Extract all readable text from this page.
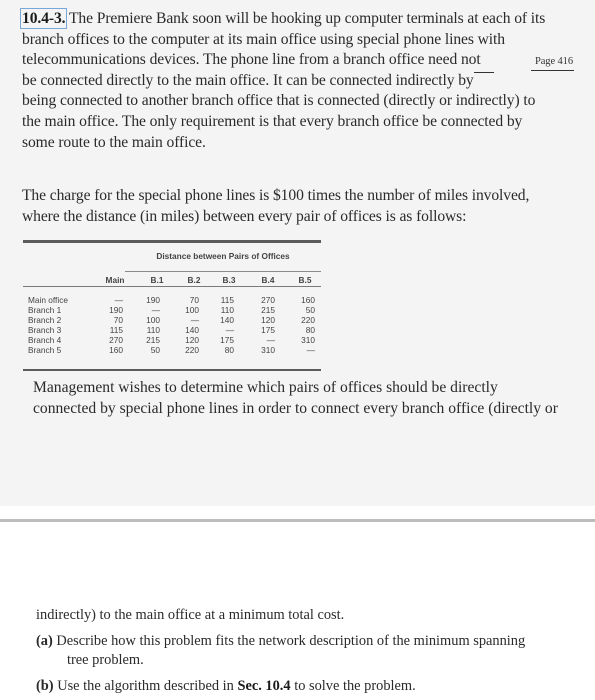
10.4-3. The Premiere Bank soon will be hooking up computer terminals at each of its
branch offices to the computer at its main office using special phone lines with
telecommunications devices. The phone line from a branch office need not	Page 416
be connected directly to the main office. It can be connected indirectly by
being connected to another branch office that is connected (directly or indirectly) to
the main office. The only requirement is that every branch office be connected by
some route to the main office.
The charge for the special phone lines is $100 times the number of miles involved,
where the distance (in miles) between every pair of offices is as follows:
Distance between Pairs of Offices
Main	B.1	B.2	B.3	B.4	B.5
Main office	—	190	70	115	270	160
Branch 1	190	—	100	110	215	50
Branch 2	70	100	—	140	120	220
Branch 3	115	110	140	—	175	80
Branch 4	270	215	120	175	—	310
Branch 5	160	50	220	80	310	—
Management wishes to determine which pairs of offices should be directly
connected by special phone lines in order to connect every branch office (directly or
indirectly) to the main office at a minimum total cost.
(a) Describe how this problem fits the network description of the minimum spanning
tree problem.
(b) Use the algorithm described in Sec. 10.4 to solve the problem.
